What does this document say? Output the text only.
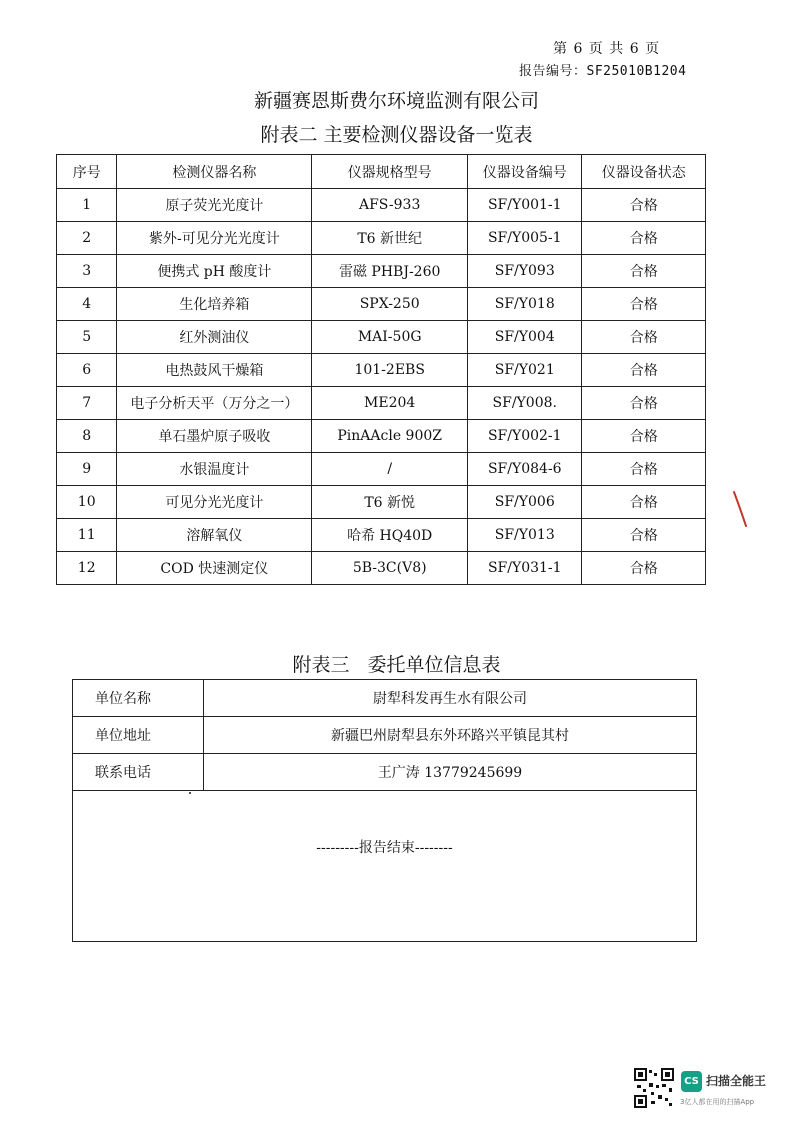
第 6 页 共 6 页
报告编号：SF25010B1204
新疆赛恩斯费尔环境监测有限公司
附表二 主要检测仪器设备一览表
序号	检测仪器名称	仪器规格型号	仪器设备编号	仪器设备状态
1	原子荧光光度计	AFS-933	SF/Y001-1	合格
2	紫外-可见分光光度计	T6 新世纪	SF/Y005-1	合格
3	便携式 pH 酸度计	雷磁 PHBJ-260	SF/Y093	合格
4	生化培养箱	SPX-250	SF/Y018	合格
5	红外测油仪	MAI-50G	SF/Y004	合格
6	电热鼓风干燥箱	101-2EBS	SF/Y021	合格
7	电子分析天平（万分之一）	ME204	SF/Y008.	合格
8	单石墨炉原子吸收	PinAAcle 900Z	SF/Y002-1	合格
9	水银温度计	/	SF/Y084-6	合格
10	可见分光光度计	T6 新悦	SF/Y006	合格
11	溶解氧仪	哈希 HQ40D	SF/Y013	合格
12	COD 快速测定仪	5B-3C(V8)	SF/Y031-1	合格
附表三 委托单位信息表
单位名称	尉犁科发再生水有限公司
单位地址	新疆巴州尉犁县东外环路兴平镇昆其村
联系电话	王广涛 13779245699
---------报告结束--------	
CS 扫描全能王
3亿人都在用的扫描App
